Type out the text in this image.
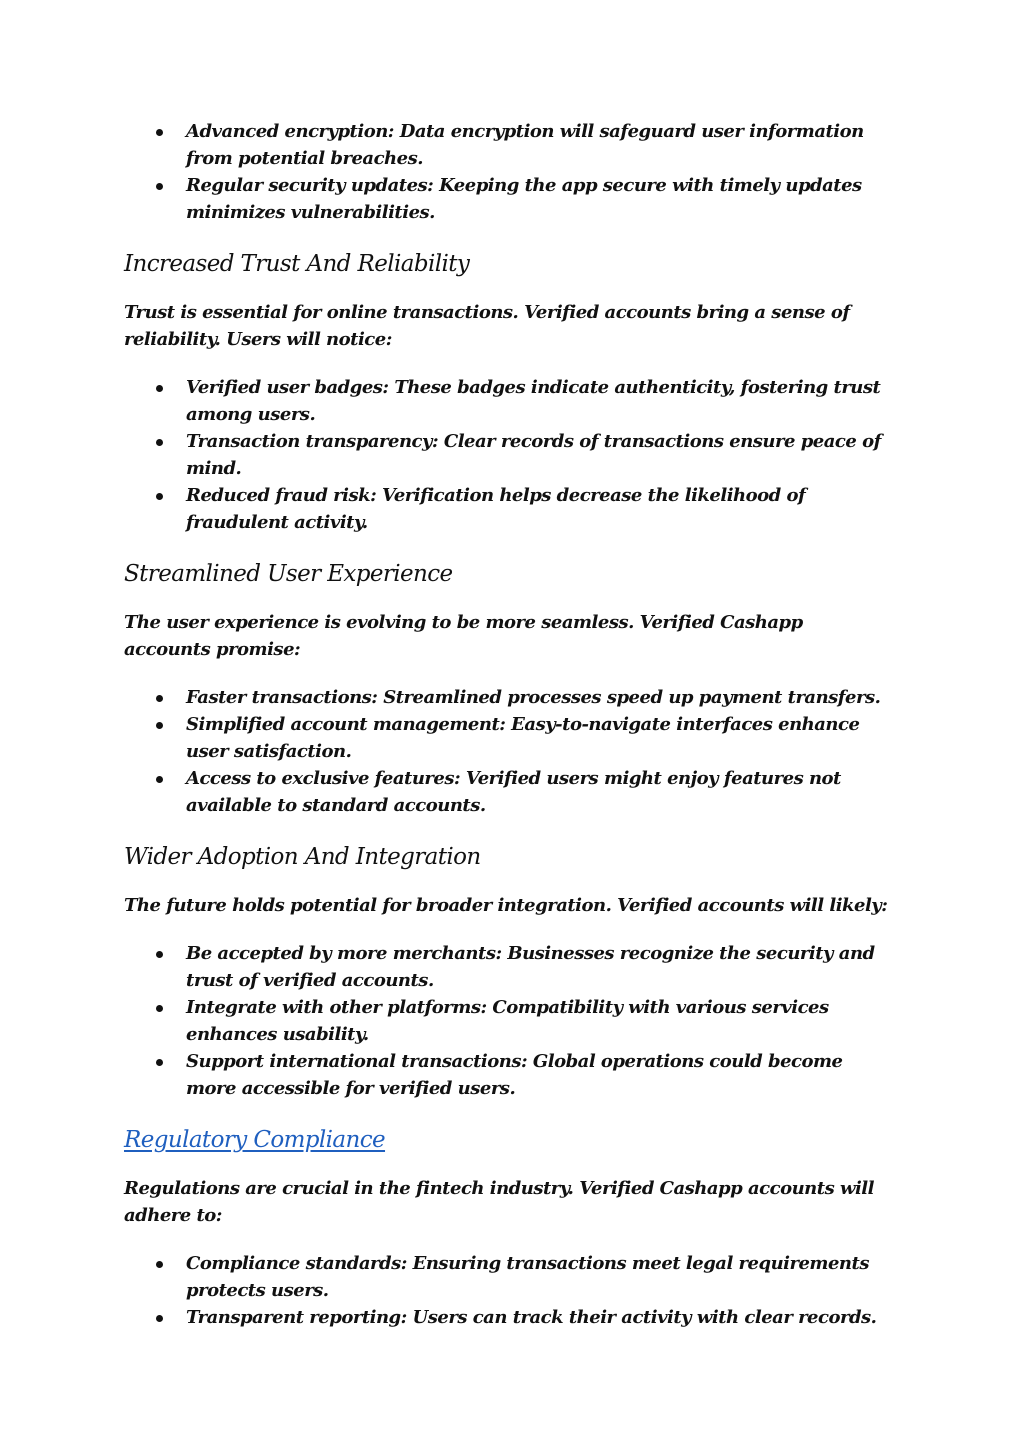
Advanced encryption: Data encryption will safeguard user information from potential breaches.
Regular security updates: Keeping the app secure with timely updates minimizes vulnerabilities.
Increased Trust And Reliability

Trust is essential for online transactions. Verified accounts bring a sense of reliability. Users will notice:

Verified user badges: These badges indicate authenticity, fostering trust among users.
Transaction transparency: Clear records of transactions ensure peace of mind.
Reduced fraud risk: Verification helps decrease the likelihood of fraudulent activity.
Streamlined User Experience

The user experience is evolving to be more seamless. Verified Cashapp accounts promise:

Faster transactions: Streamlined processes speed up payment transfers.
Simplified account management: Easy-to-navigate interfaces enhance user satisfaction.
Access to exclusive features: Verified users might enjoy features not available to standard accounts.
Wider Adoption And Integration

The future holds potential for broader integration. Verified accounts will likely:

Be accepted by more merchants: Businesses recognize the security and trust of verified accounts.
Integrate with other platforms: Compatibility with various services enhances usability.
Support international transactions: Global operations could become more accessible for verified users.
Regulatory Compliance

Regulations are crucial in the fintech industry. Verified Cashapp accounts will adhere to:

Compliance standards: Ensuring transactions meet legal requirements protects users.
Transparent reporting: Users can track their activity with clear records.
